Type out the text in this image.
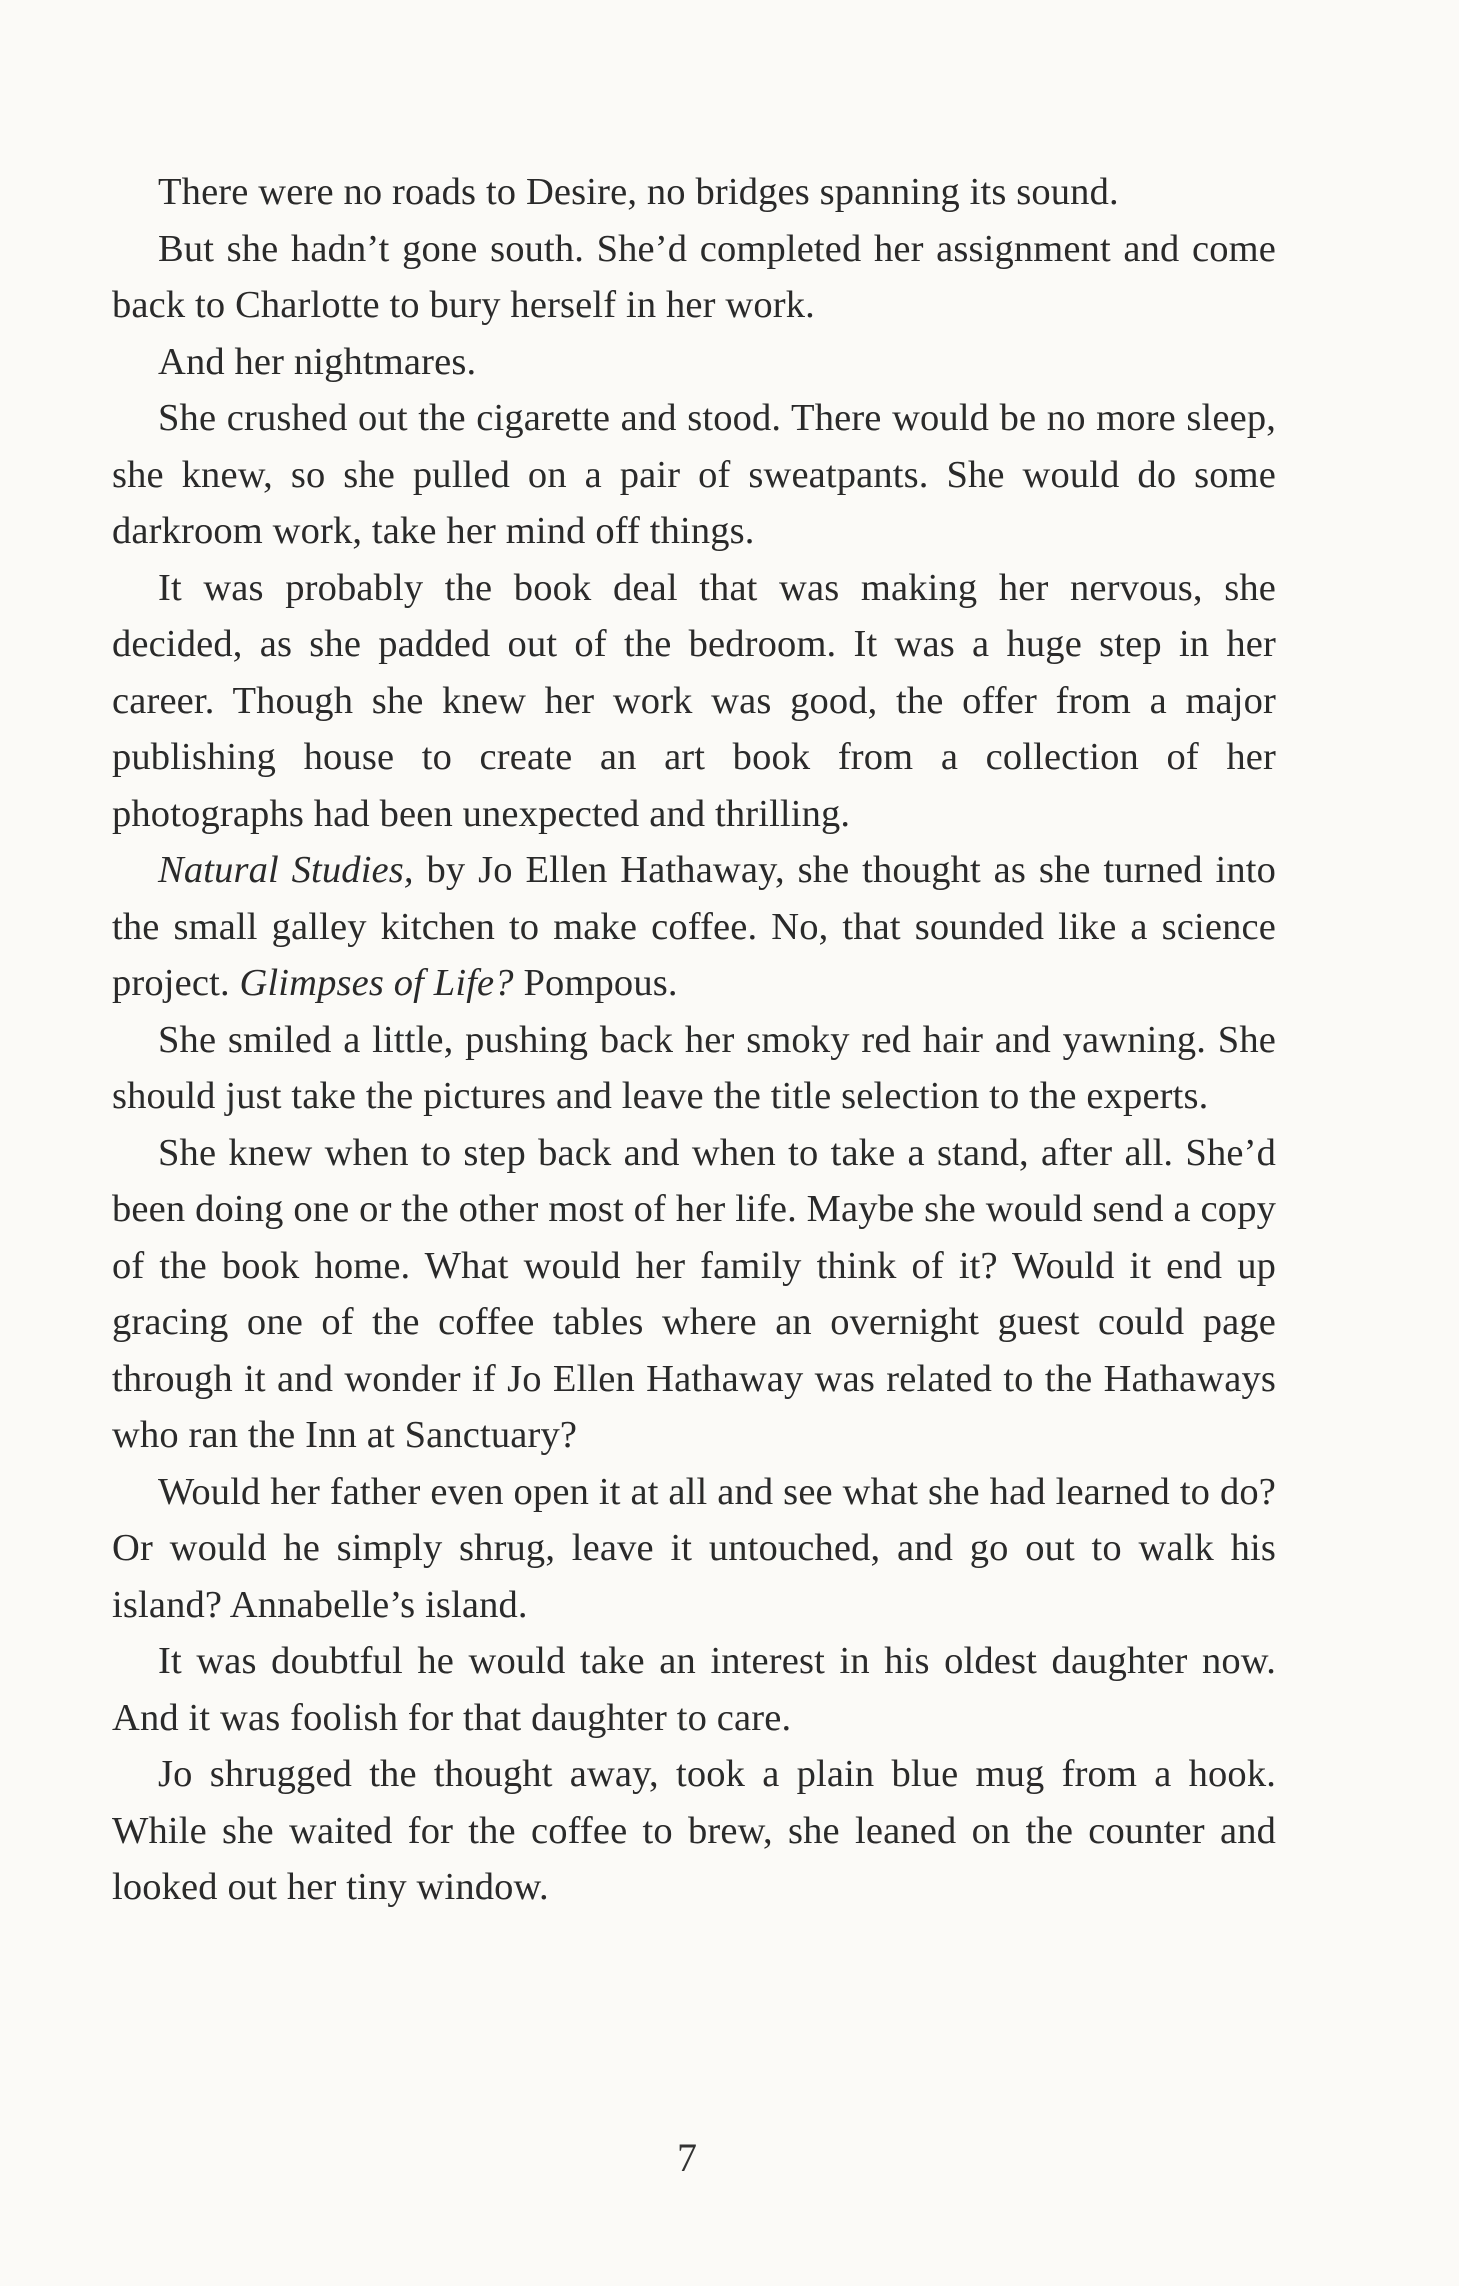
There were no roads to Desire, no bridges spanning its sound.

But she hadn’t gone south. She’d completed her assignment and come back to Charlotte to bury herself in her work.

And her nightmares.

She crushed out the cigarette and stood. There would be no more sleep, she knew, so she pulled on a pair of sweatpants. She would do some darkroom work, take her mind off things.

It was probably the book deal that was making her nervous, she decided, as she padded out of the bedroom. It was a huge step in her career. Though she knew her work was good, the offer from a major publishing house to create an art book from a collection of her photographs had been unexpected and thrilling.

Natural Studies, by Jo Ellen Hathaway, she thought as she turned into the small galley kitchen to make coffee. No, that sounded like a science project. Glimpses of Life? Pompous.

She smiled a little, pushing back her smoky red hair and yawning. She should just take the pictures and leave the title selection to the experts.

She knew when to step back and when to take a stand, after all. She’d been doing one or the other most of her life. Maybe she would send a copy of the book home. What would her family think of it? Would it end up gracing one of the coffee tables where an overnight guest could page through it and wonder if Jo Ellen Hathaway was related to the Hathaways who ran the Inn at Sanctuary?

Would her father even open it at all and see what she had learned to do? Or would he simply shrug, leave it untouched, and go out to walk his island? Annabelle’s island.

It was doubtful he would take an interest in his oldest daughter now. And it was foolish for that daughter to care.

Jo shrugged the thought away, took a plain blue mug from a hook. While she waited for the coffee to brew, she leaned on the counter and looked out her tiny window.

7
